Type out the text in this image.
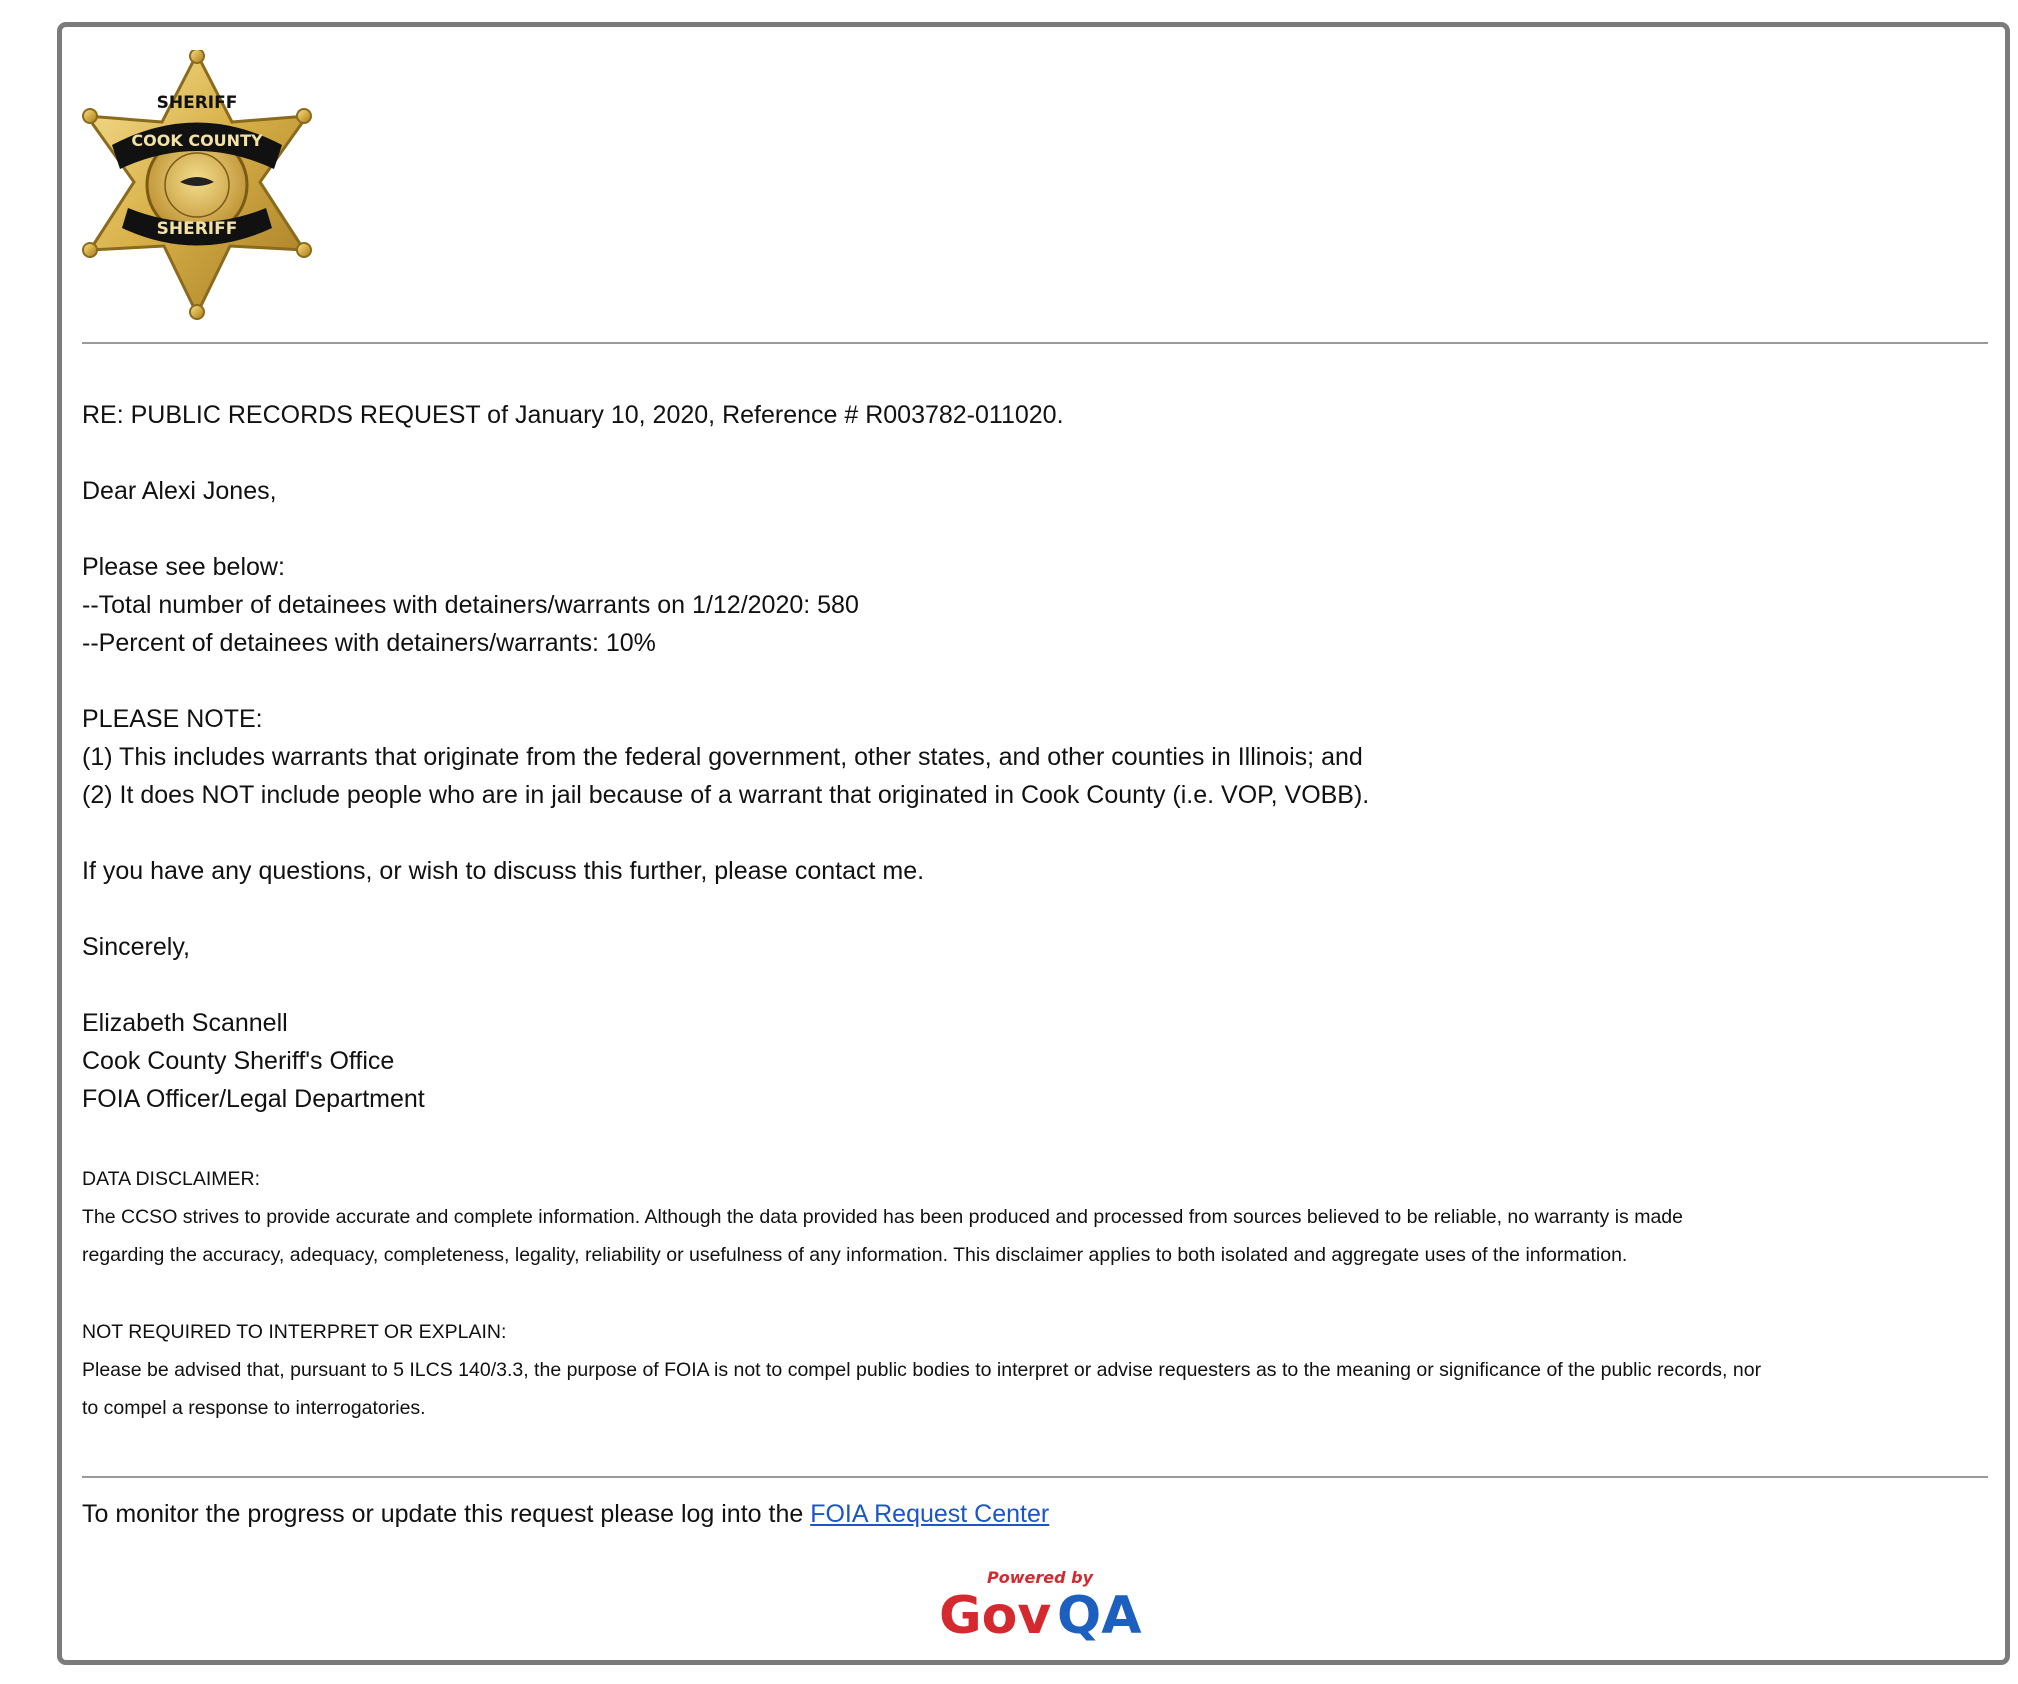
SHERIFF
COOK COUNTY
SHERIFF

RE: PUBLIC RECORDS REQUEST of January 10, 2020, Reference # R003782-011020.

Dear Alexi Jones,

Please see below:
--Total number of detainees with detainers/warrants on 1/12/2020: 580
--Percent of detainees with detainers/warrants: 10%

PLEASE NOTE:
(1) This includes warrants that originate from the federal government, other states, and other counties in Illinois; and
(2) It does NOT include people who are in jail because of a warrant that originated in Cook County (i.e. VOP, VOBB).

If you have any questions, or wish to discuss this further, please contact me.

Sincerely,

Elizabeth Scannell
Cook County Sheriff's Office
FOIA Officer/Legal Department

DATA DISCLAIMER:
The CCSO strives to provide accurate and complete information. Although the data provided has been produced and processed from sources believed to be reliable, no warranty is made
regarding the accuracy, adequacy, completeness, legality, reliability or usefulness of any information. This disclaimer applies to both isolated and aggregate uses of the information.
NOT REQUIRED TO INTERPRET OR EXPLAIN:
Please be advised that, pursuant to 5 ILCS 140/3.3, the purpose of FOIA is not to compel public bodies to interpret or advise requesters as to the meaning or significance of the public records, nor
to compel a response to interrogatories.
To monitor the progress or update this request please log into the FOIA Request Center
Powered by
Gov QA
